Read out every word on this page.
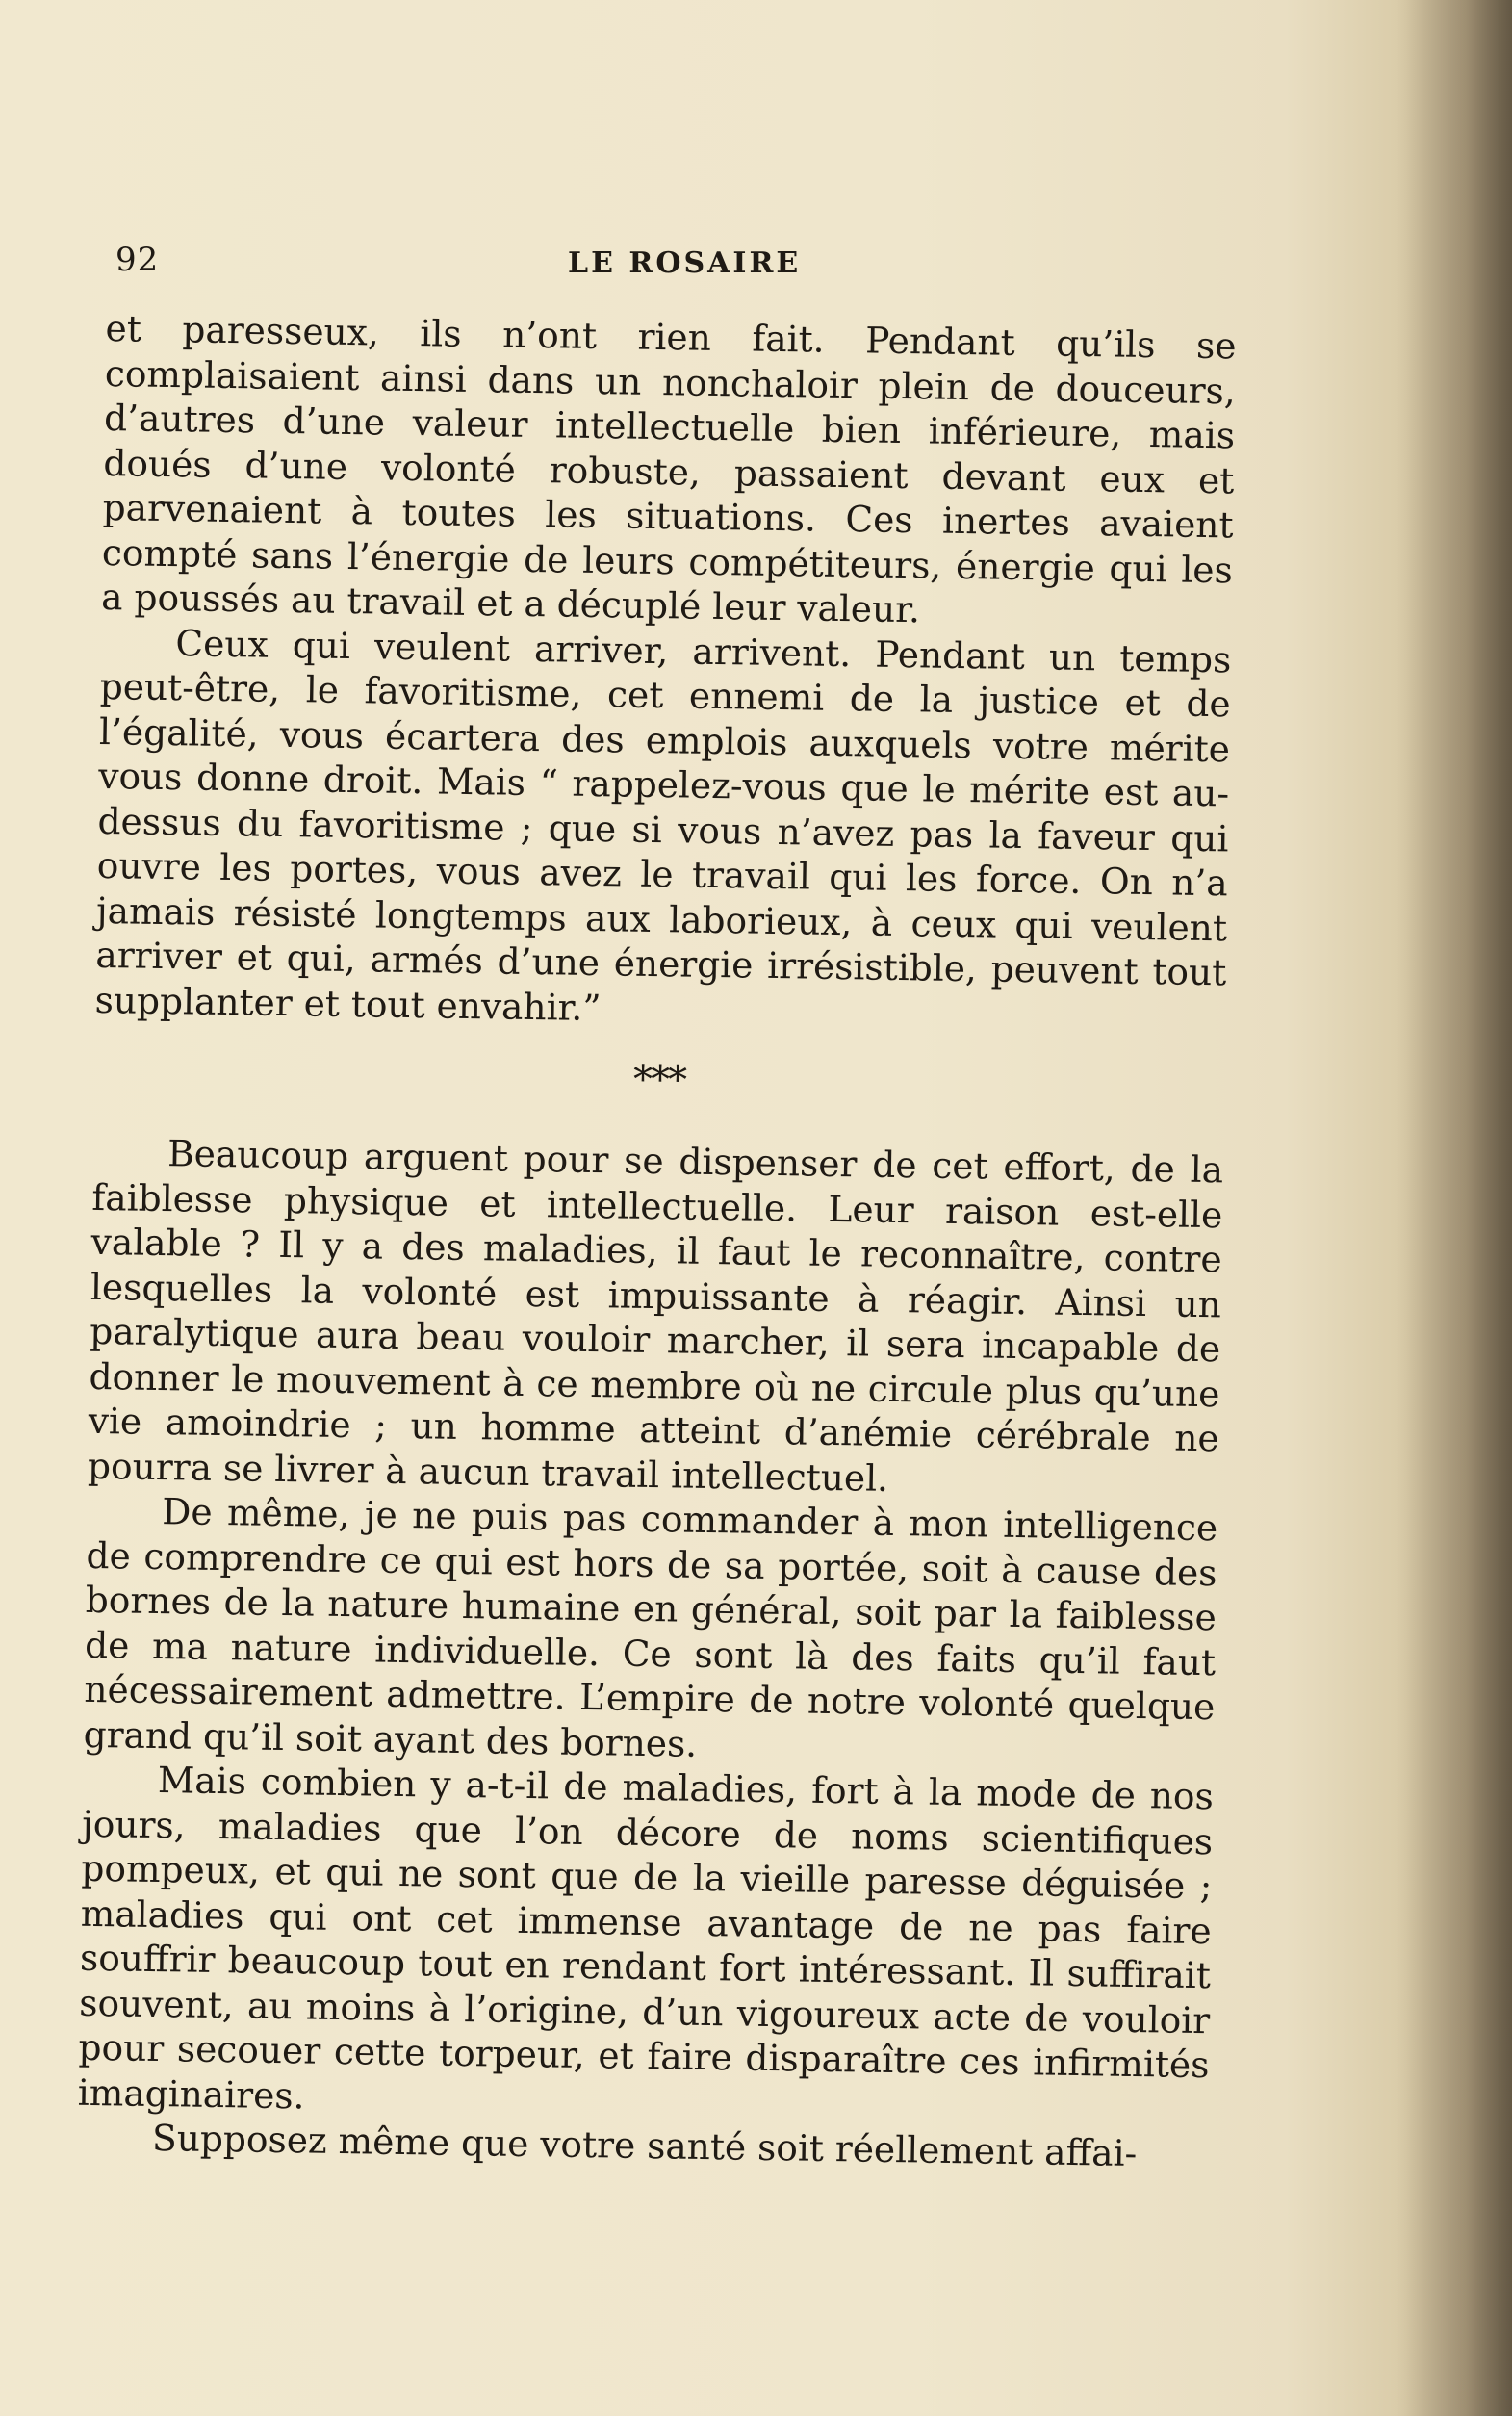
92	LE ROSAIRE

et paresseux, ils n’ont rien fait. Pendant qu’ils se complaisaient ainsi dans un nonchaloir plein de douceurs, d’autres d’une valeur intellectuelle bien inférieure, mais doués d’une volonté robuste, passaient devant eux et parvenaient à toutes les situations. Ces inertes avaient compté sans l’énergie de leurs compétiteurs, énergie qui les a poussés au travail et a décuplé leur valeur.

Ceux qui veulent arriver, arrivent. Pendant un temps peut-être, le favoritisme, cet ennemi de la justice et de l’égalité, vous écartera des emplois auxquels votre mérite vous donne droit. Mais “ rappelez-vous que le mérite est au-dessus du favoritisme ; que si vous n’avez pas la faveur qui ouvre les portes, vous avez le travail qui les force. On n’a jamais résisté longtemps aux laborieux, à ceux qui veulent arriver et qui, armés d’une énergie irrésistible, peuvent tout supplanter et tout envahir.”

***

Beaucoup arguent pour se dispenser de cet effort, de la faiblesse physique et intellectuelle. Leur raison est-elle valable ? Il y a des maladies, il faut le reconnaître, contre lesquelles la volonté est impuissante à réagir. Ainsi un paralytique aura beau vouloir marcher, il sera incapable de donner le mouvement à ce membre où ne circule plus qu’une vie amoindrie ; un homme atteint d’anémie cérébrale ne pourra se livrer à aucun travail intellectuel.

De même, je ne puis pas commander à mon intelligence de comprendre ce qui est hors de sa portée, soit à cause des bornes de la nature humaine en général, soit par la faiblesse de ma nature individuelle. Ce sont là des faits qu’il faut nécessairement admettre. L’empire de notre volonté quelque grand qu’il soit ayant des bornes.

Mais combien y a-t-il de maladies, fort à la mode de nos jours, maladies que l’on décore de noms scientifiques pompeux, et qui ne sont que de la vieille paresse déguisée ; maladies qui ont cet immense avantage de ne pas faire souffrir beaucoup tout en rendant fort intéressant. Il suffirait souvent, au moins à l’origine, d’un vigoureux acte de vouloir pour secouer cette torpeur, et faire disparaître ces infirmités imaginaires.

Supposez même que votre santé soit réellement affai-
